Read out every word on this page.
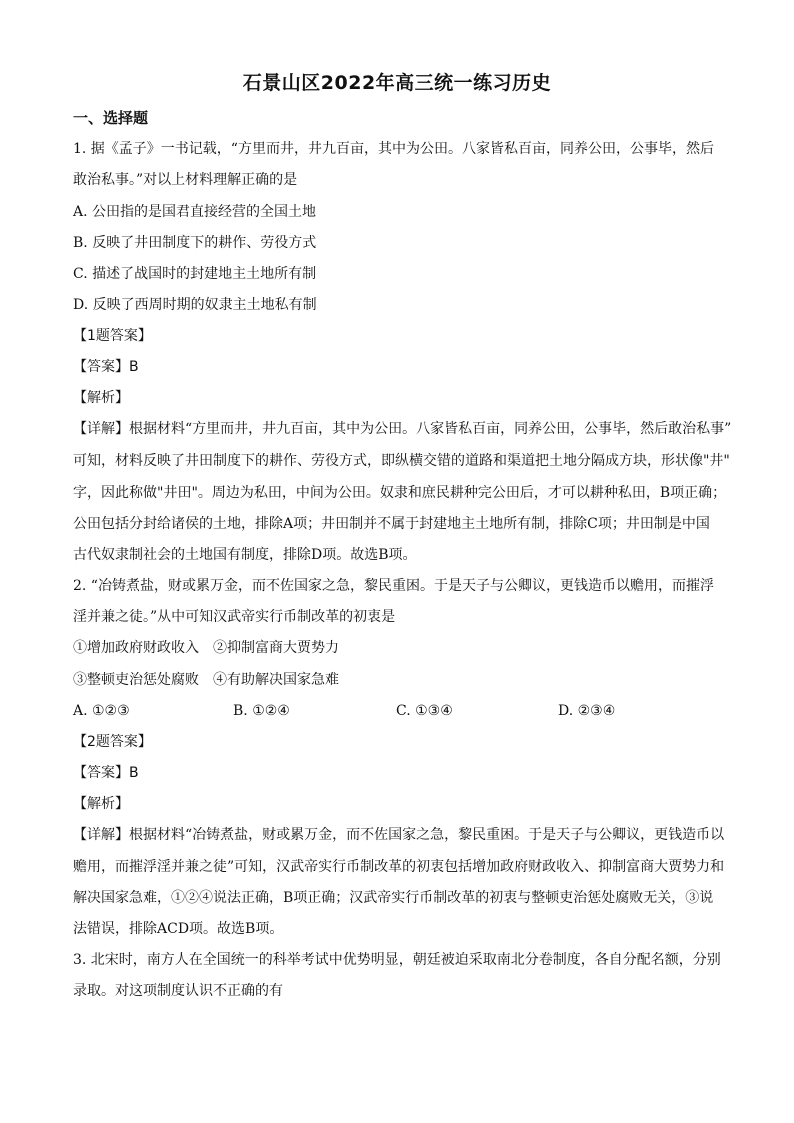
石景山区2022年高三统一练习历史
一、选择题
1. 据《孟子》一书记载，“方里而井，井九百亩，其中为公田。八家皆私百亩，同养公田，公事毕，然后
敢治私事。”对以上材料理解正确的是
A. 公田指的是国君直接经营的全国土地
B. 反映了井田制度下的耕作、劳役方式
C. 描述了战国时的封建地主土地所有制
D. 反映了西周时期的奴隶主土地私有制
【1题答案】
【答案】B
【解析】
【详解】根据材料“方里而井，井九百亩，其中为公田。八家皆私百亩，同养公田，公事毕，然后敢治私事”
可知，材料反映了井田制度下的耕作、劳役方式，即纵横交错的道路和渠道把土地分隔成方块，形状像"井"
字，因此称做"井田"。周边为私田，中间为公田。奴隶和庶民耕种完公田后，才可以耕种私田，B项正确；
公田包括分封给诸侯的土地，排除A项；井田制并不属于封建地主土地所有制，排除C项；井田制是中国
古代奴隶制社会的土地国有制度，排除D项。故选B项。
2. “冶铸煮盐，财或累万金，而不佐国家之急，黎民重困。于是天子与公卿议，更钱造币以赡用，而摧浮
淫并兼之徒。”从中可知汉武帝实行币制改革的初衷是
①增加政府财政收入　②抑制富商大贾势力
③整顿吏治惩处腐败　④有助解决国家急难
A. ①②③	B. ①②④	C. ①③④	D. ②③④
【2题答案】
【答案】B
【解析】
【详解】根据材料“冶铸煮盐，财或累万金，而不佐国家之急，黎民重困。于是天子与公卿议，更钱造币以
赡用，而摧浮淫并兼之徒”可知，汉武帝实行币制改革的初衷包括增加政府财政收入、抑制富商大贾势力和
解决国家急难，①②④说法正确，B项正确；汉武帝实行币制改革的初衷与整顿吏治惩处腐败无关，③说
法错误，排除ACD项。故选B项。
3. 北宋时，南方人在全国统一的科举考试中优势明显，朝廷被迫采取南北分卷制度，各自分配名额，分别
录取。对这项制度认识不正确的有
